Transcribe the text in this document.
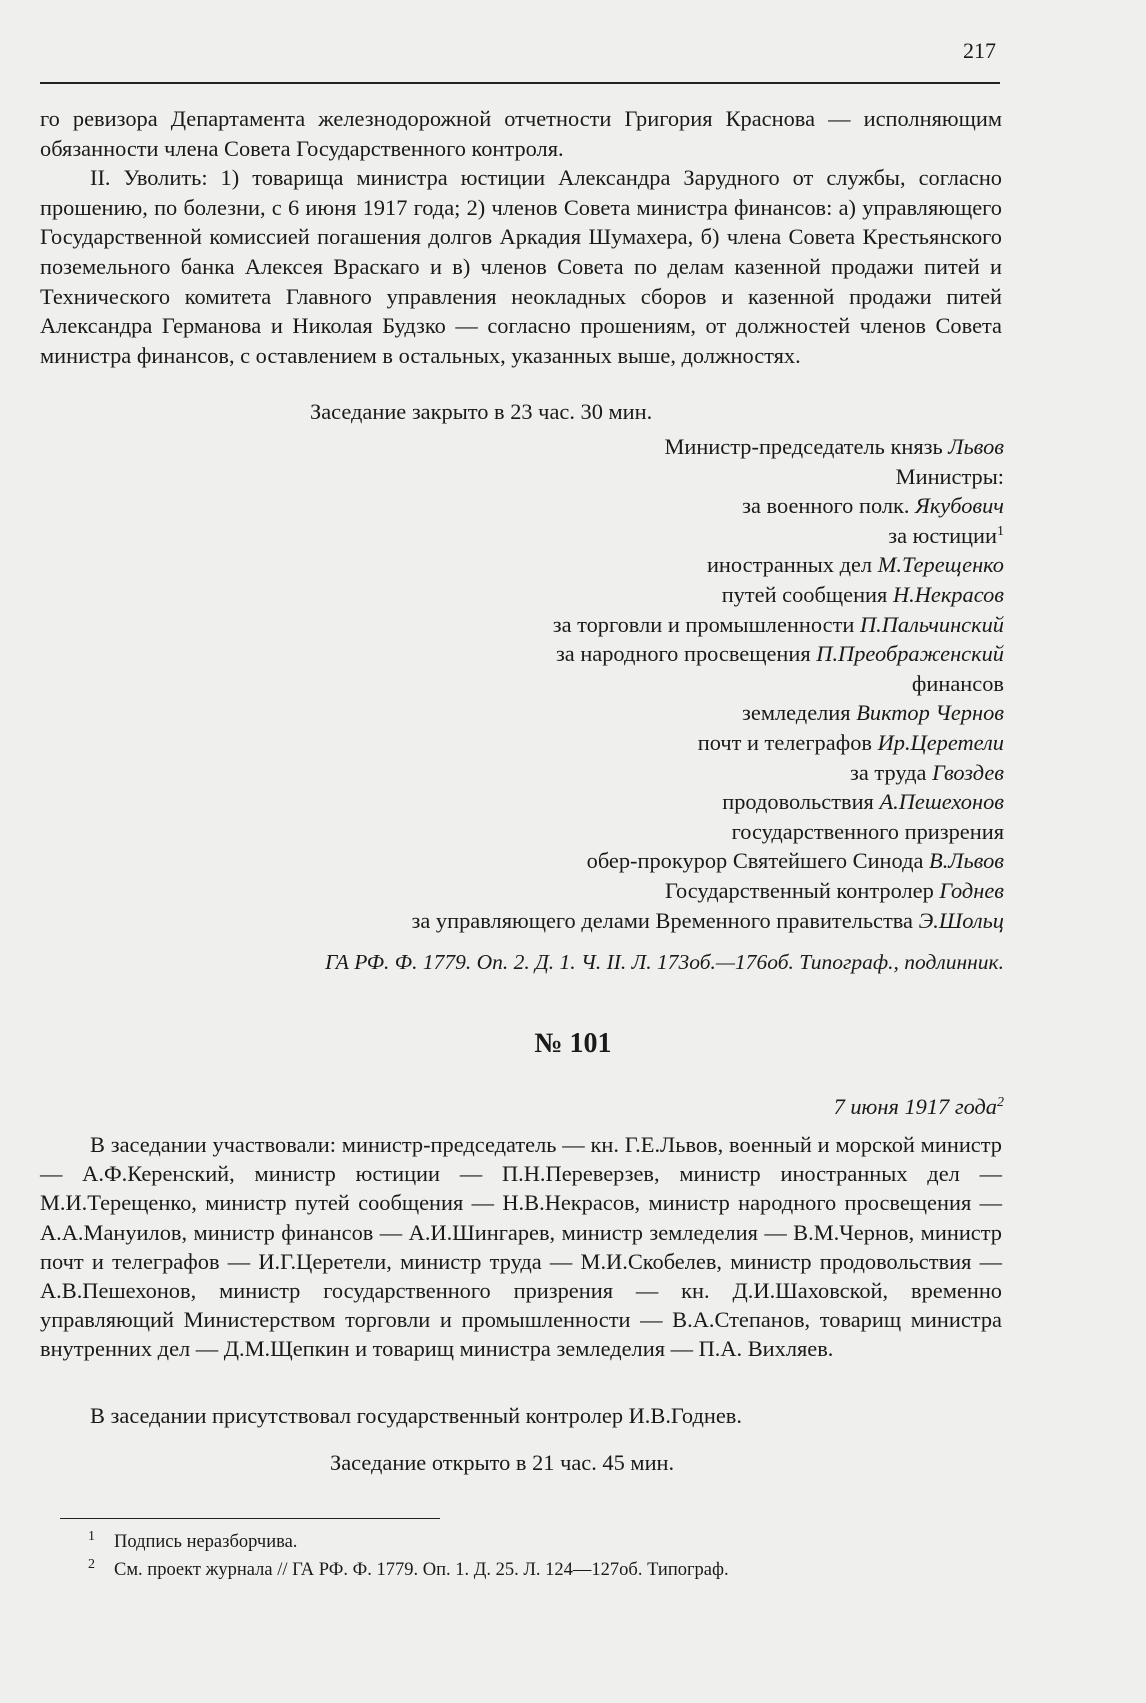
217

го ревизора Департамента железнодорожной отчетности Григория Краснова — исполняющим обязанности члена Совета Государственного контроля.

II. Уволить: 1) товарища министра юстиции Александра Зарудного от службы, согласно прошению, по болезни, с 6 июня 1917 года; 2) членов Совета министра финансов: а) управляющего Государственной комиссией погашения долгов Аркадия Шумахера, б) члена Совета Крестьянского поземельного банка Алексея Враскаго и в) членов Совета по делам казенной продажи питей и Технического комитета Главного управления неокладных сборов и казенной продажи питей Александра Германова и Николая Будзко — согласно прошениям, от должностей членов Совета министра финансов, с оставлением в остальных, указанных выше, должностях.

Заседание закрыто в 23 час. 30 мин.
Министр-председатель князь Львов
Министры:
за военного полк. Якубович
за юстиции$^1$
иностранных дел М.Терещенко
путей сообщения Н.Некрасов
за торговли и промышленности П.Пальчинский
за народного просвещения П.Преображенский
финансов
земледелия Виктор Чернов
почт и телеграфов Ир.Церетели
за труда Гвоздев
продовольствия А.Пешехонов
государственного призрения
обер-прокурор Святейшего Синода В.Львов
Государственный контролер Годнев
за управляющего делами Временного правительства Э.Шольц
ГА РФ. Ф. 1779. Оп. 2. Д. 1. Ч. II. Л. 173об.—176об. Типограф., подлинник.
№ 101
7 июня 1917 года$^2$

В заседании участвовали: министр-председатель — кн. Г.Е.Львов, военный и морской министр — А.Ф.Керенский, министр юстиции — П.Н.Переверзев, министр иностранных дел — М.И.Терещенко, министр путей сообщения — Н.В.Некрасов, министр народного просвещения — А.А.Мануилов, министр финансов — А.И.Шингарев, министр земледелия — В.М.Чернов, министр почт и телеграфов — И.Г.Церетели, министр труда — М.И.Скобелев, министр продовольствия — А.В.Пешехонов, министр государственного призрения — кн. Д.И.Шаховской, временно управляющий Министерством торговли и промышленности — В.А.Степанов, товарищ министра внутренних дел — Д.М.Щепкин и товарищ министра земледелия — П.А. Вихляев.

В заседании присутствовал государственный контролер И.В.Годнев.
Заседание открыто в 21 час. 45 мин.
1 Подпись неразборчива.
2 См. проект журнала // ГА РФ. Ф. 1779. Оп. 1. Д. 25. Л. 124—127об. Типограф.
